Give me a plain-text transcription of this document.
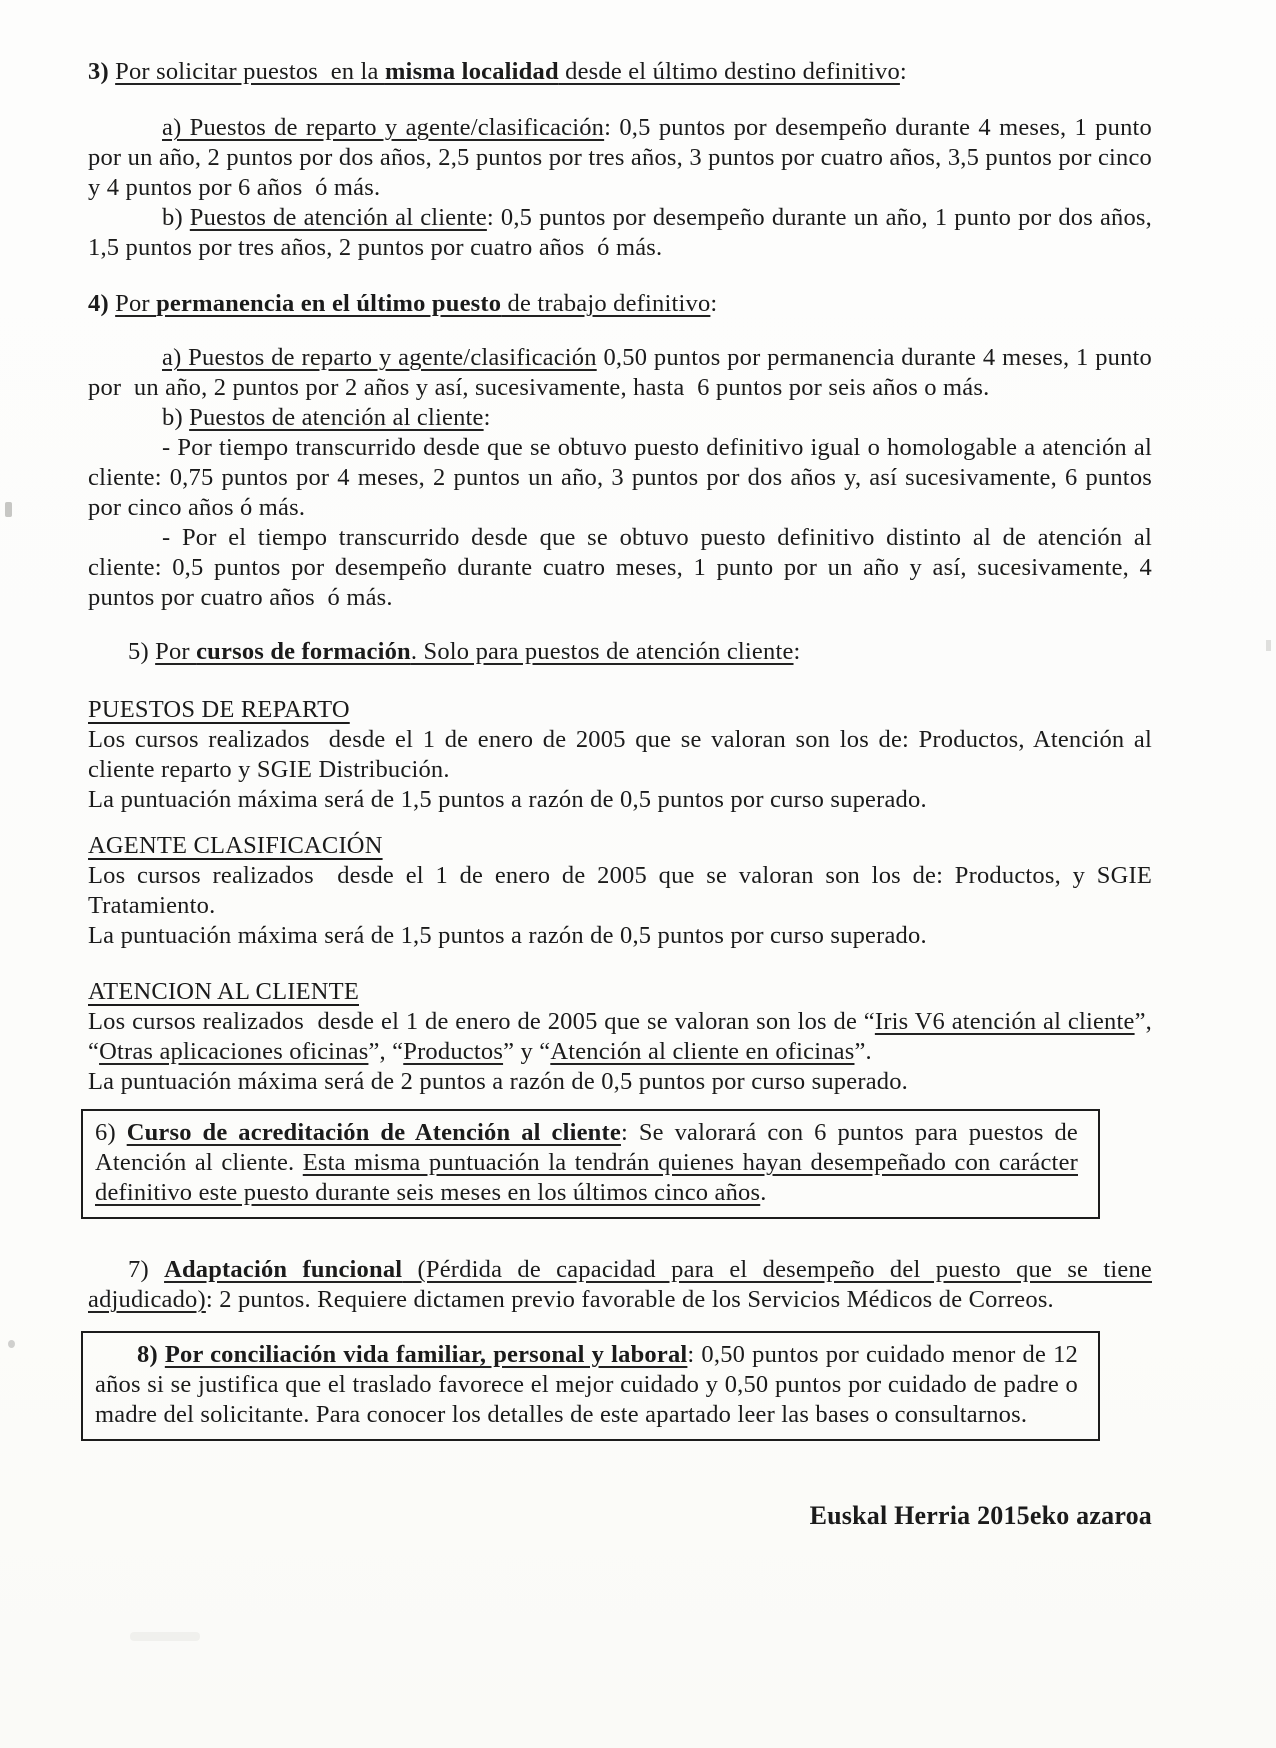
3) Por solicitar puestos  en la misma localidad desde el último destino definitivo:

a) Puestos de reparto y agente/clasificación: 0,5 puntos por desempeño durante 4 meses, 1 punto por un año, 2 puntos por dos años, 2,5 puntos por tres años, 3 puntos por cuatro años, 3,5 puntos por cinco y 4 puntos por 6 años  ó más.

b) Puestos de atención al cliente: 0,5 puntos por desempeño durante un año, 1 punto por dos años, 1,5 puntos por tres años, 2 puntos por cuatro años  ó más.

4) Por permanencia en el último puesto de trabajo definitivo:

a) Puestos de reparto y agente/clasificación 0,50 puntos por permanencia durante 4 meses, 1 punto por  un año, 2 puntos por 2 años y así, sucesivamente, hasta  6 puntos por seis años o más.

b) Puestos de atención al cliente:

- Por tiempo transcurrido desde que se obtuvo puesto definitivo igual o homologable a atención al cliente: 0,75 puntos por 4 meses, 2 puntos un año, 3 puntos por dos años y, así sucesivamente, 6 puntos por cinco años ó más.

- Por el tiempo transcurrido desde que se obtuvo puesto definitivo distinto al de atención al cliente: 0,5 puntos por desempeño durante cuatro meses, 1 punto por un año y así, sucesivamente, 4 puntos por cuatro años  ó más.

5) Por cursos de formación. Solo para puestos de atención cliente:

PUESTOS DE REPARTO

Los cursos realizados  desde el 1 de enero de 2005 que se valoran son los de: Productos, Atención al cliente reparto y SGIE Distribución.

La puntuación máxima será de 1,5 puntos a razón de 0,5 puntos por curso superado.

AGENTE CLASIFICACIÓN

Los cursos realizados  desde el 1 de enero de 2005 que se valoran son los de: Productos, y SGIE Tratamiento.

La puntuación máxima será de 1,5 puntos a razón de 0,5 puntos por curso superado.

ATENCION AL CLIENTE

Los cursos realizados  desde el 1 de enero de 2005 que se valoran son los de “Iris V6 atención al cliente”, “Otras aplicaciones oficinas”, “Productos” y “Atención al cliente en oficinas”.

La puntuación máxima será de 2 puntos a razón de 0,5 puntos por curso superado.

6) Curso de acreditación de Atención al cliente: Se valorará con 6 puntos para puestos de Atención al cliente. Esta misma puntuación la tendrán quienes hayan desempeñado con carácter definitivo este puesto durante seis meses en los últimos cinco años.

7) Adaptación funcional (Pérdida de capacidad para el desempeño del puesto que se tiene adjudicado): 2 puntos. Requiere dictamen previo favorable de los Servicios Médicos de Correos.

8) Por conciliación vida familiar, personal y laboral: 0,50 puntos por cuidado menor de 12 años si se justifica que el traslado favorece el mejor cuidado y 0,50 puntos por cuidado de padre o madre del solicitante. Para conocer los detalles de este apartado leer las bases o consultarnos.

Euskal Herria 2015eko azaroa
